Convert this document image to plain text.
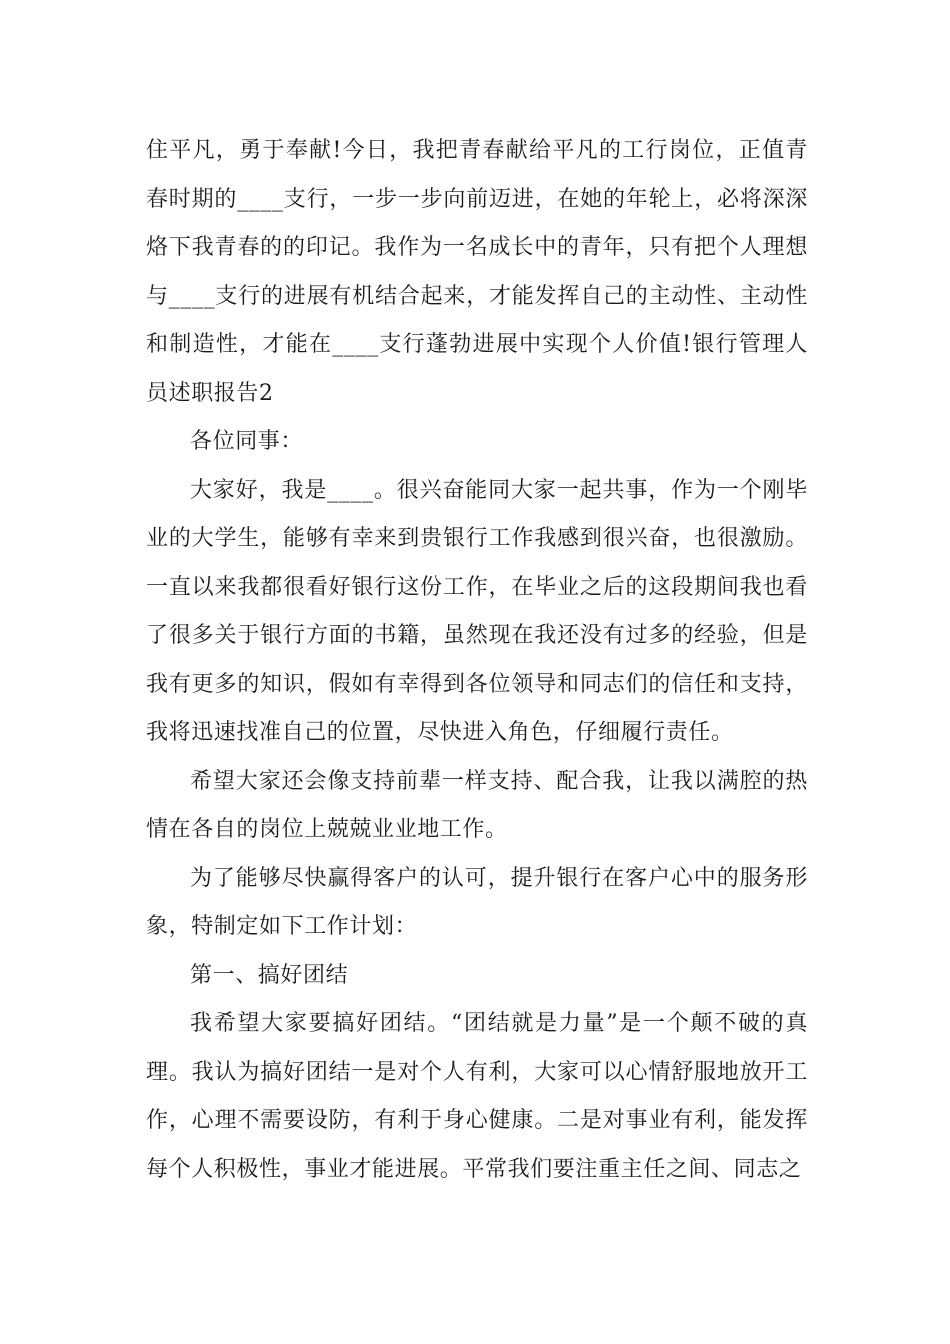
住平凡，勇于奉献!今日，我把青春献给平凡的工行岗位，正值青春时期的____支行，一步一步向前迈进，在她的年轮上，必将深深烙下我青春的的印记。我作为一名成长中的青年，只有把个人理想与____支行的进展有机结合起来，才能发挥自己的主动性、主动性和制造性，才能在____支行蓬勃进展中实现个人价值!银行管理人员述职报告2

各位同事：

大家好，我是____。很兴奋能同大家一起共事，作为一个刚毕业的大学生，能够有幸来到贵银行工作我感到很兴奋，也很激励。一直以来我都很看好银行这份工作，在毕业之后的这段期间我也看了很多关于银行方面的书籍，虽然现在我还没有过多的经验，但是我有更多的知识，假如有幸得到各位领导和同志们的信任和支持，我将迅速找准自己的位置，尽快进入角色，仔细履行责任。

希望大家还会像支持前辈一样支持、配合我，让我以满腔的热情在各自的岗位上兢兢业业地工作。

为了能够尽快赢得客户的认可，提升银行在客户心中的服务形象，特制定如下工作计划：

第一、搞好团结

我希望大家要搞好团结。“团结就是力量”是一个颠不破的真理。我认为搞好团结一是对个人有利，大家可以心情舒服地放开工作，心理不需要设防，有利于身心健康。二是对事业有利，能发挥每个人积极性，事业才能进展。平常我们要注重主任之间、同志之
